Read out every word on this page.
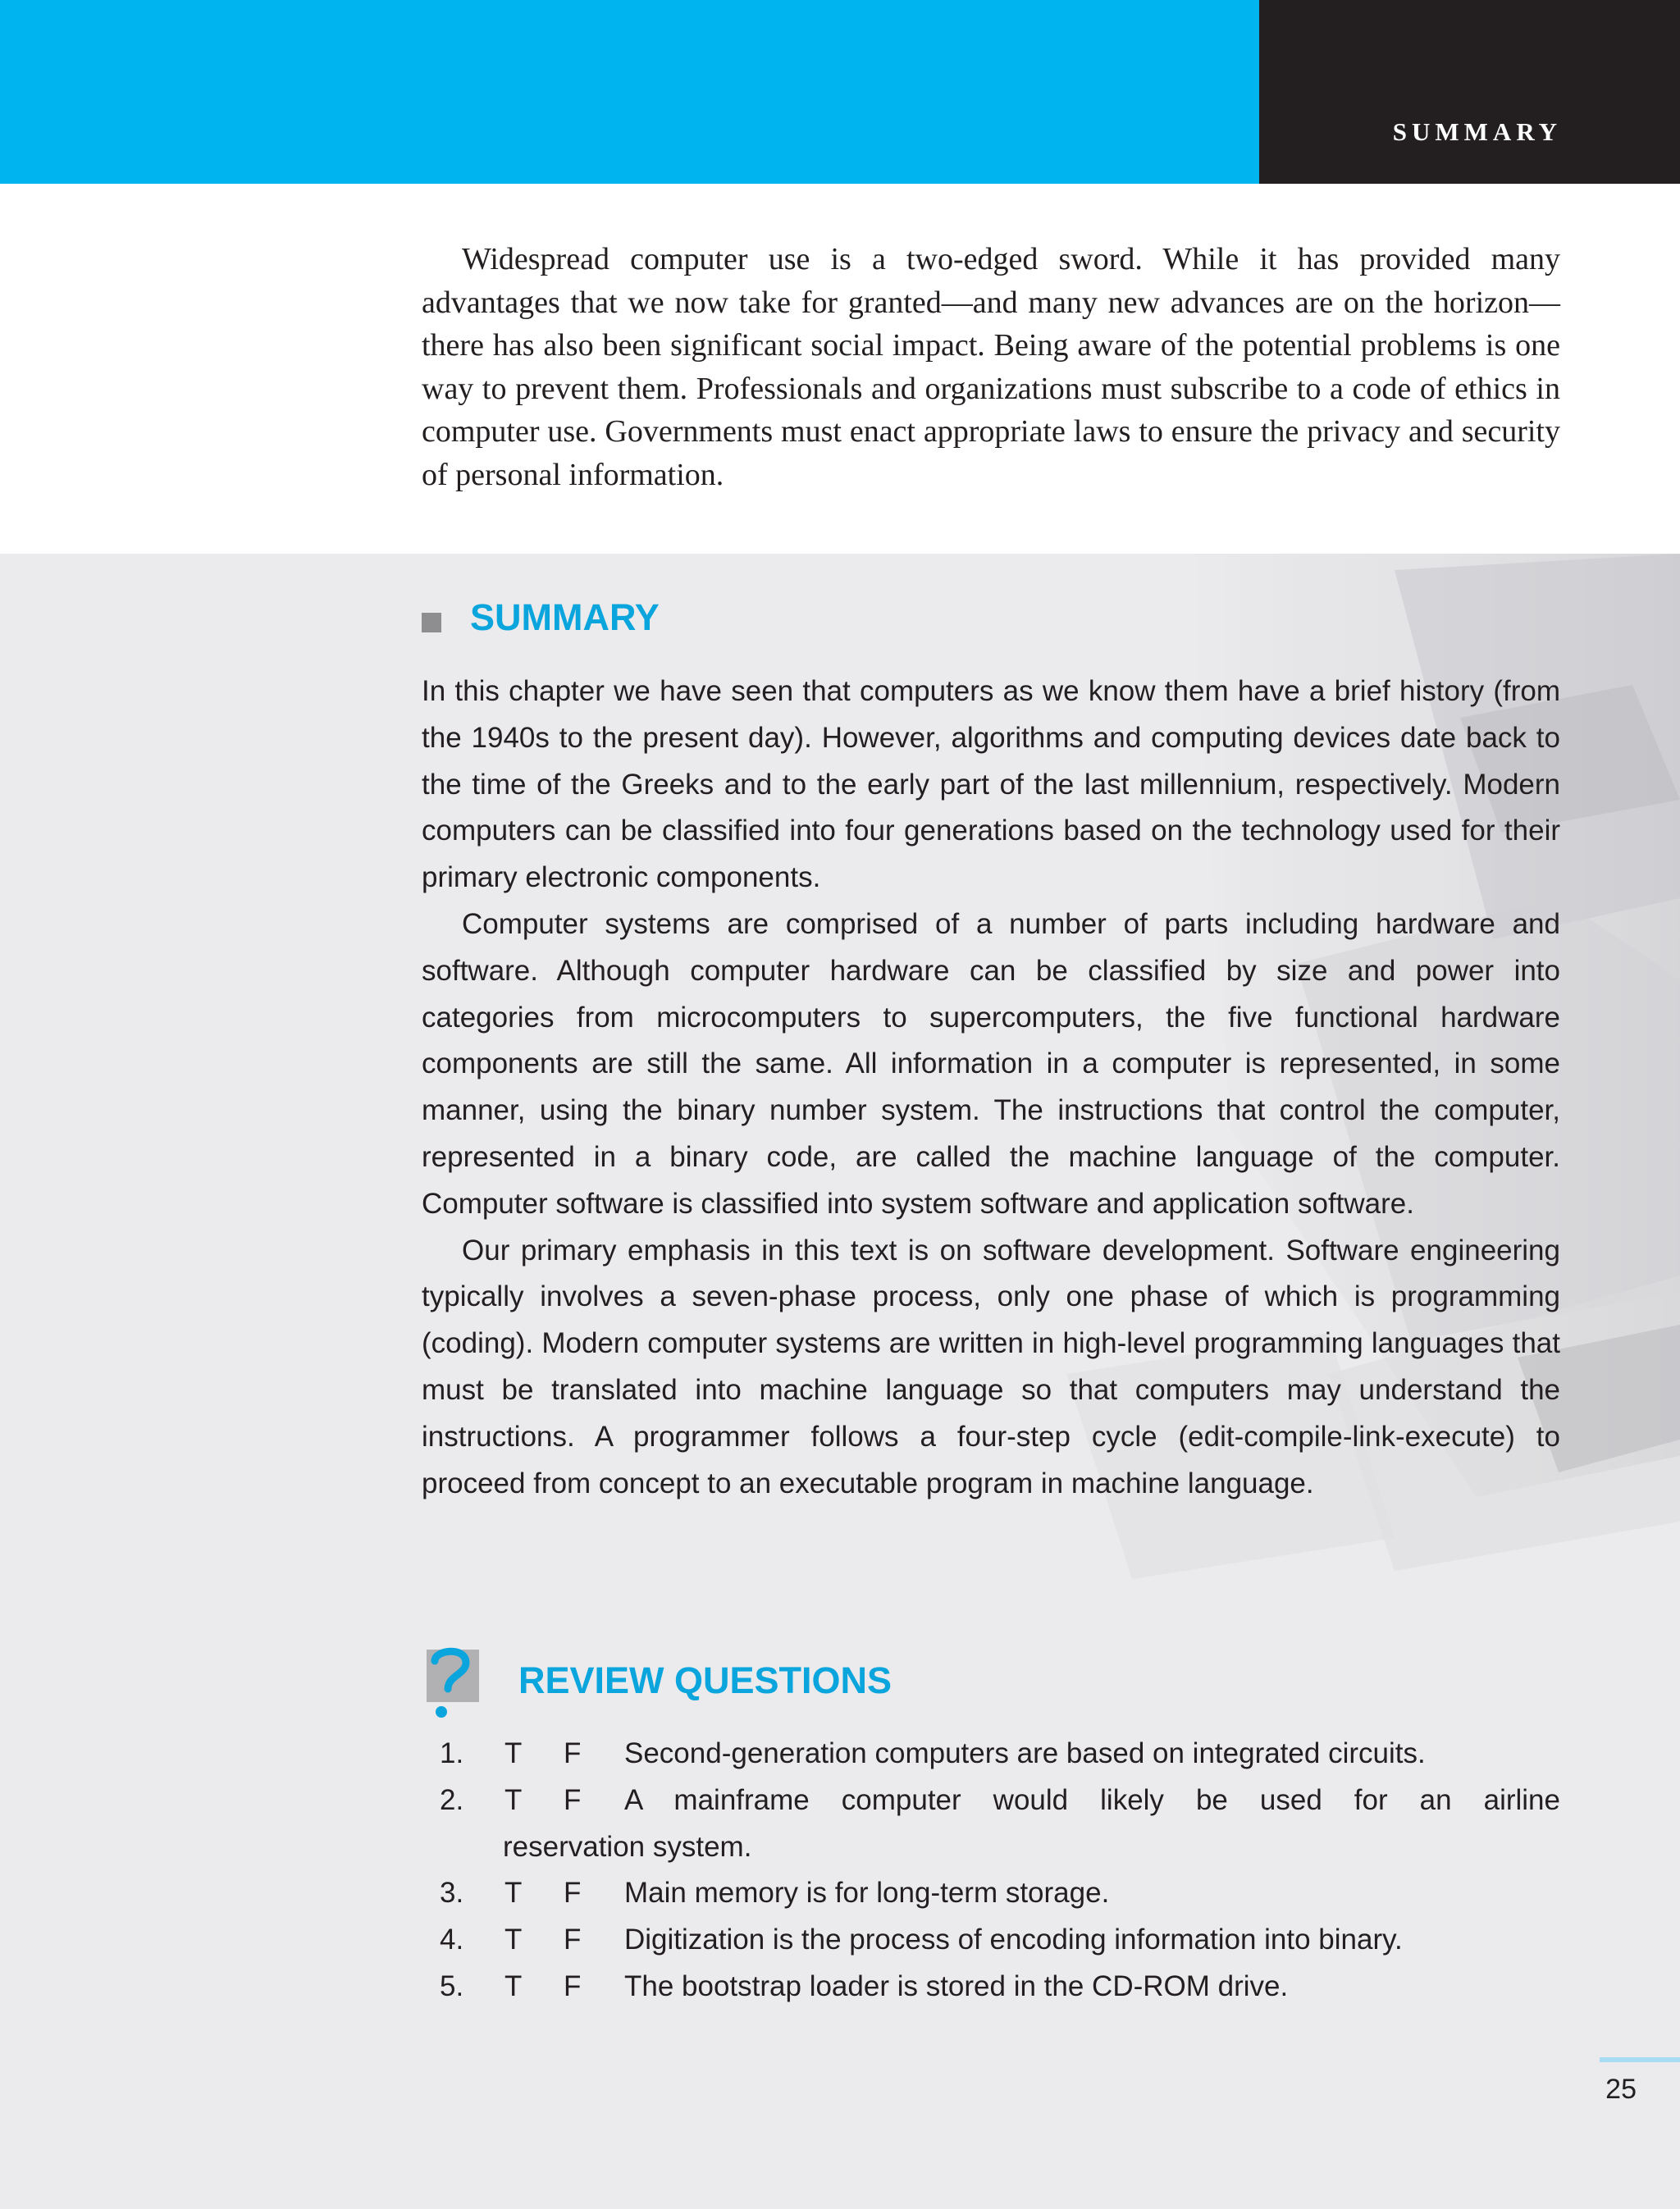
SUMMARY

Widespread computer use is a two-edged sword. While it has provided many advantages that we now take for granted—and many new advances are on the horizon—there has also been significant social impact. Being aware of the potential problems is one way to prevent them. Professionals and organizations must subscribe to a code of ethics in computer use. Governments must enact appropriate laws to ensure the privacy and security of personal information.

SUMMARY

In this chapter we have seen that computers as we know them have a brief history (from the 1940s to the present day). However, algorithms and computing devices date back to the time of the Greeks and to the early part of the last millennium, respectively. Modern computers can be classified into four generations based on the technology used for their primary electronic components.

Computer systems are comprised of a number of parts including hardware and software. Although computer hardware can be classified by size and power into categories from microcomputers to supercomputers, the five functional hardware components are still the same. All information in a computer is represented, in some manner, using the binary number system. The instructions that control the computer, represented in a binary code, are called the machine language of the computer. Computer software is classified into system software and application software.

Our primary emphasis in this text is on software development. Software engineering typically involves a seven-phase process, only one phase of which is programming (coding). Modern computer systems are written in high-level programming languages that must be translated into machine language so that computers may understand the instructions. A programmer follows a four-step cycle (edit-compile-link-execute) to proceed from concept to an executable program in machine language.

REVIEW QUESTIONS
1. T F Second-generation computers are based on integrated circuits.
2. T F A mainframe computer would likely be used for an airline
reservation system.
3. T F Main memory is for long-term storage.
4. T F Digitization is the process of encoding information into binary.
5. T F The bootstrap loader is stored in the CD-ROM drive.
25
